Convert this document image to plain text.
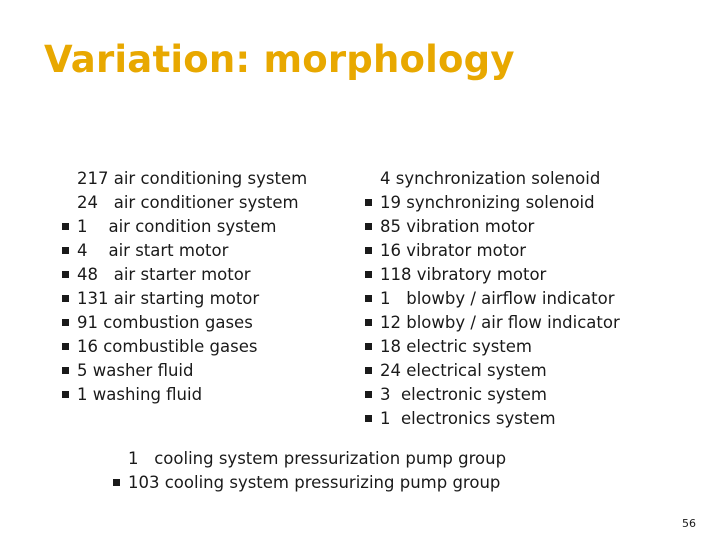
Variation: morphology
217 air conditioning system
24   air conditioner system
1    air condition system
4    air start motor
48   air starter motor
131 air starting motor
91 combustion gases
16 combustible gases
5 washer fluid
1 washing fluid
4 synchronization solenoid
19 synchronizing solenoid
85 vibration motor
16 vibrator motor
118 vibratory motor
1   blowby / airflow indicator
12 blowby / air flow indicator
18 electric system
24 electrical system
3  electronic system
1  electronics system
1   cooling system pressurization pump group
103 cooling system pressurizing pump group
56
